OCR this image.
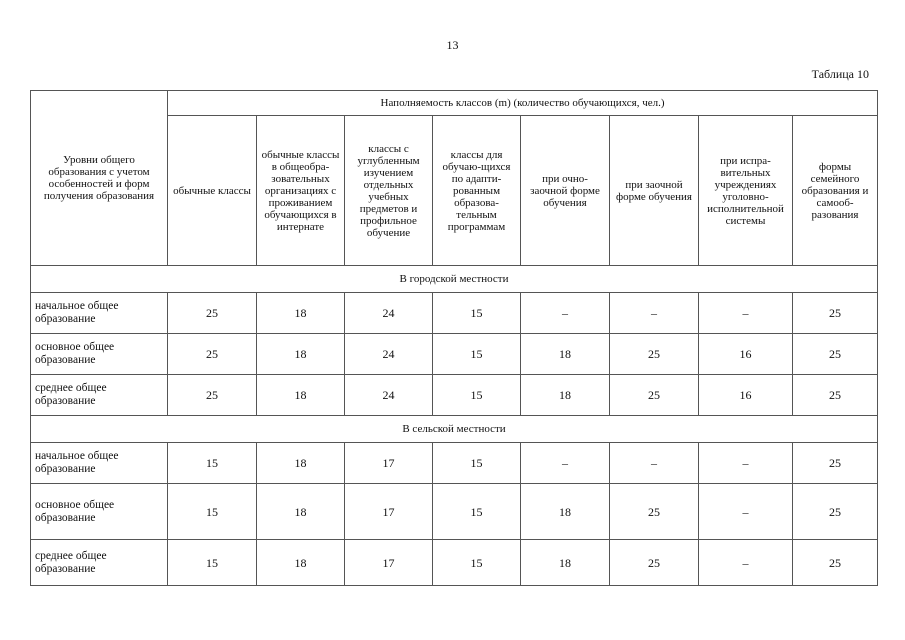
13
Таблица 10
Уровни общего образования с учетом особенностей и форм получения образования	Наполняемость классов (m) (количество обучающихся, чел.)							
	обычные классы	обычные классы в общеобра-зовательных организациях с проживанием обучающихся в интернате	классы с углубленным изучением отдельных учебных предметов и профильное обучение	классы для обучаю-щихся по адапти-рованным образова-тельным программам	при очно-заочной форме обучения	при заочной форме обучения	при испра-вительных учреждениях уголовно-исполнительной системы	формы семейного образования и самооб-разования
В городской местности								
начальное общее образование	25	18	24	15	–	–	–	25
основное общее образование	25	18	24	15	18	25	16	25
среднее общее образование	25	18	24	15	18	25	16	25
В сельской местности								
начальное общее образование	15	18	17	15	–	–	–	25
основное общее образование	15	18	17	15	18	25	–	25
среднее общее образование	15	18	17	15	18	25	–	25
